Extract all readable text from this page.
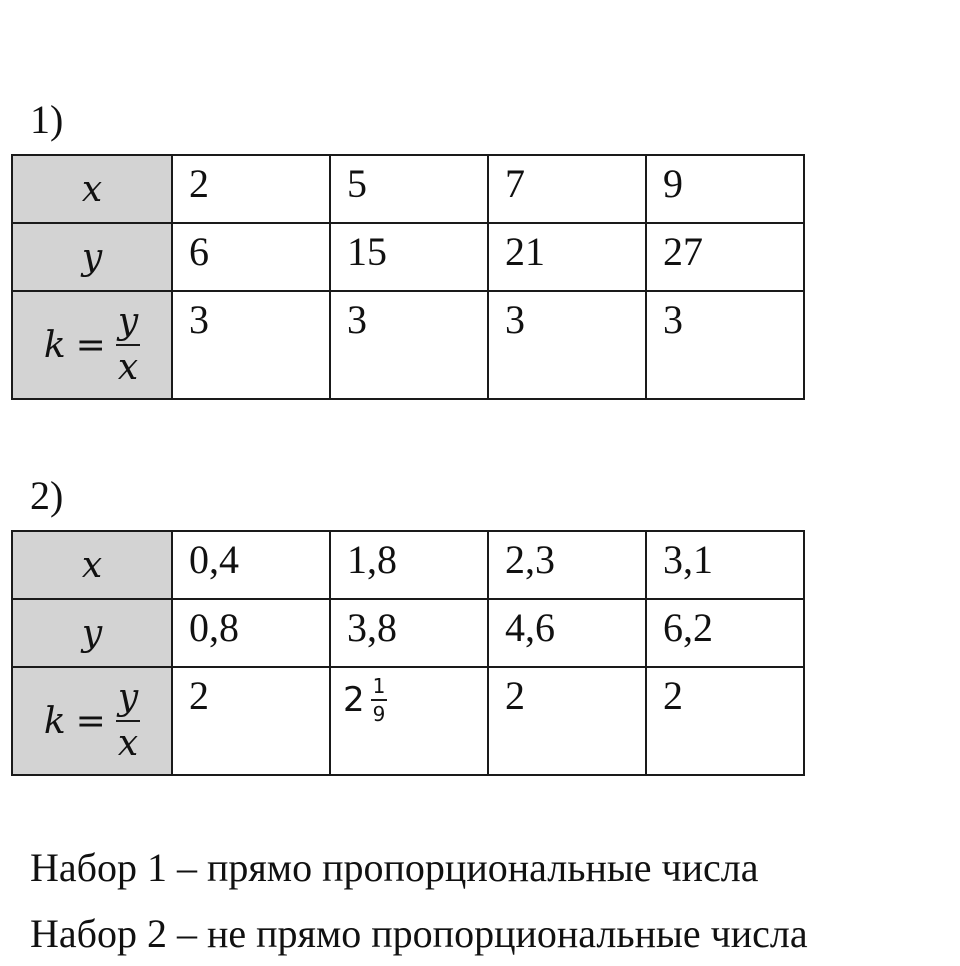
1)
x	2	5	7	9
y	6	15	21	27

$k = \frac{y}{x}$	3	3	3	3
2)
x	0,4	1,8	2,3	3,1
y	0,8	3,8	4,6	6,2

$k = \frac{y}{x}$	2	$2 \frac{1}{9}$	2	2
Набор 1 – прямо пропорциональные числа
Набор 2 – не прямо пропорциональные числа
